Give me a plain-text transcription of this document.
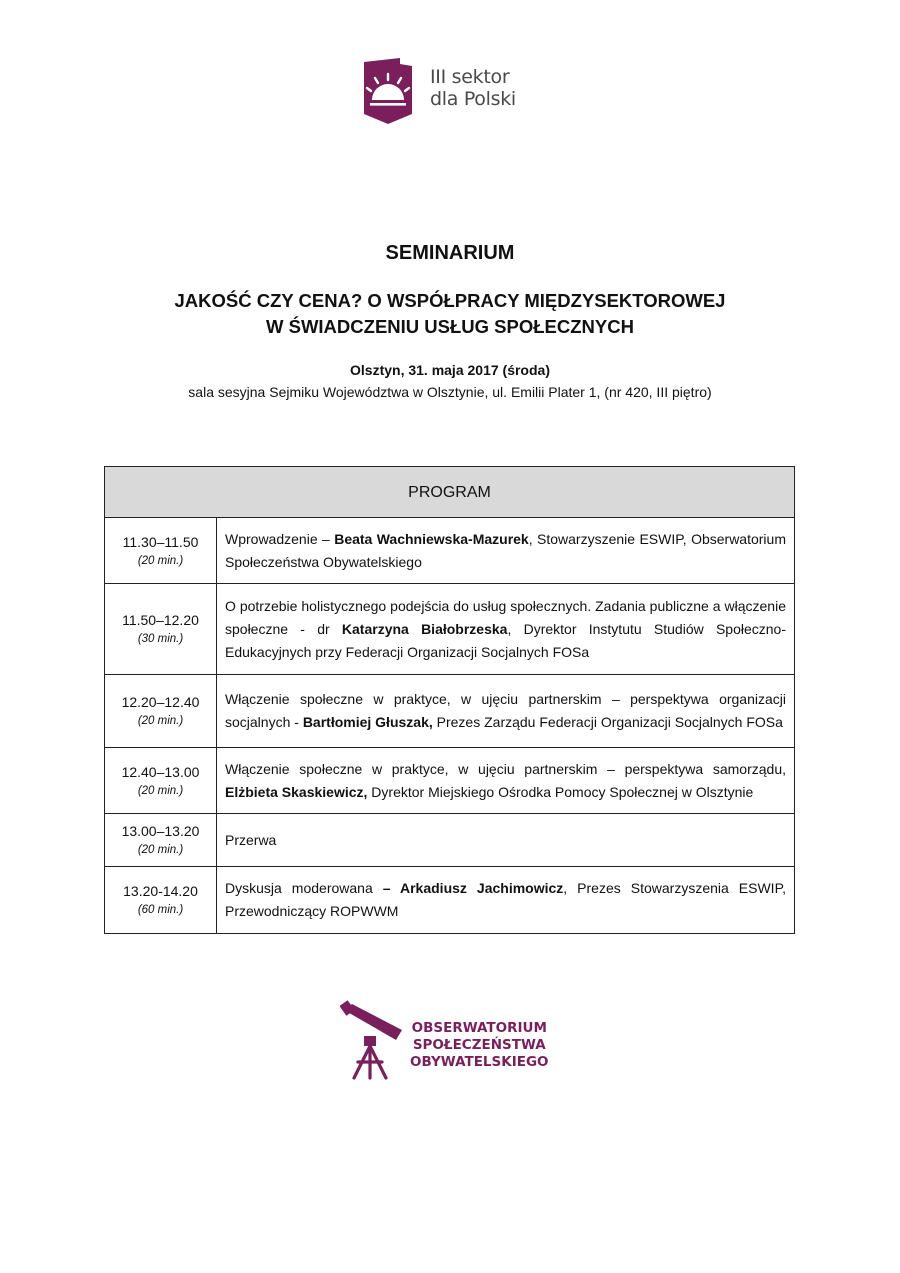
III sektor
dla Polski
SEMINARIUM
JAKOŚĆ CZY CENA? O WSPÓŁPRACY MIĘDZYSEKTOROWEJ
W ŚWIADCZENIU USŁUG SPOŁECZNYCH
Olsztyn, 31. maja 2017 (środa)
sala sesyjna Sejmiku Województwa w Olsztynie, ul. Emilii Plater 1, (nr 420, III piętro)
PROGRAM	

11.30–11.50
(20 min.)	Wprowadzenie – Beata Wachniewska-Mazurek, Stowarzyszenie ESWIP, Obserwatorium Społeczeństwa Obywatelskiego

11.50–12.20
(30 min.)	O potrzebie holistycznego podejścia do usług społecznych. Zadania publiczne a włączenie społeczne - dr Katarzyna Białobrzeska, Dyrektor Instytutu Studiów Społeczno-Edukacyjnych przy Federacji Organizacji Socjalnych FOSa

12.20–12.40
(20 min.)	Włączenie społeczne w praktyce, w ujęciu partnerskim – perspektywa organizacji socjalnych - Bartłomiej Głuszak, Prezes Zarządu Federacji Organizacji Socjalnych FOSa

12.40–13.00
(20 min.)	Włączenie społeczne w praktyce, w ujęciu partnerskim – perspektywa samorządu, Elżbieta Skaskiewicz, Dyrektor Miejskiego Ośrodka Pomocy Społecznej w Olsztynie

13.00–13.20
(20 min.)	Przerwa

13.20-14.20
(60 min.)	Dyskusja moderowana – Arkadiusz Jachimowicz, Prezes Stowarzyszenia ESWIP, Przewodniczący ROPWWM
OBSERWATORIUM
SPOŁECZEŃSTWA
OBYWATELSKIEGO
